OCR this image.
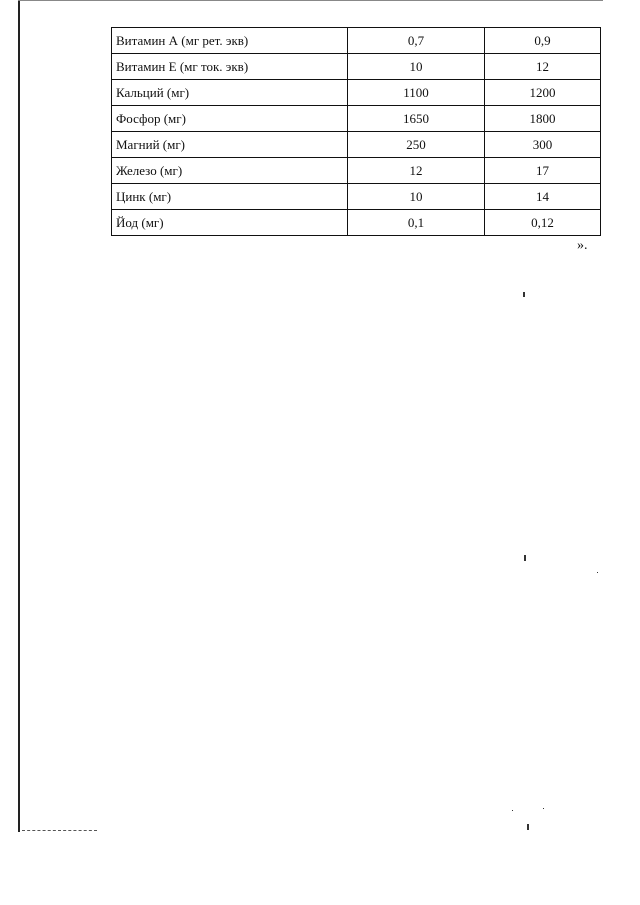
Витамин А (мг рет. экв)	0,7	0,9
Витамин Е (мг ток. экв)	10	12
Кальций (мг)	1100	1200
Фосфор (мг)	1650	1800
Магний (мг)	250	300
Железо (мг)	12	17
Цинк (мг)	10	14
Йод (мг)	0,1	0,12
».
